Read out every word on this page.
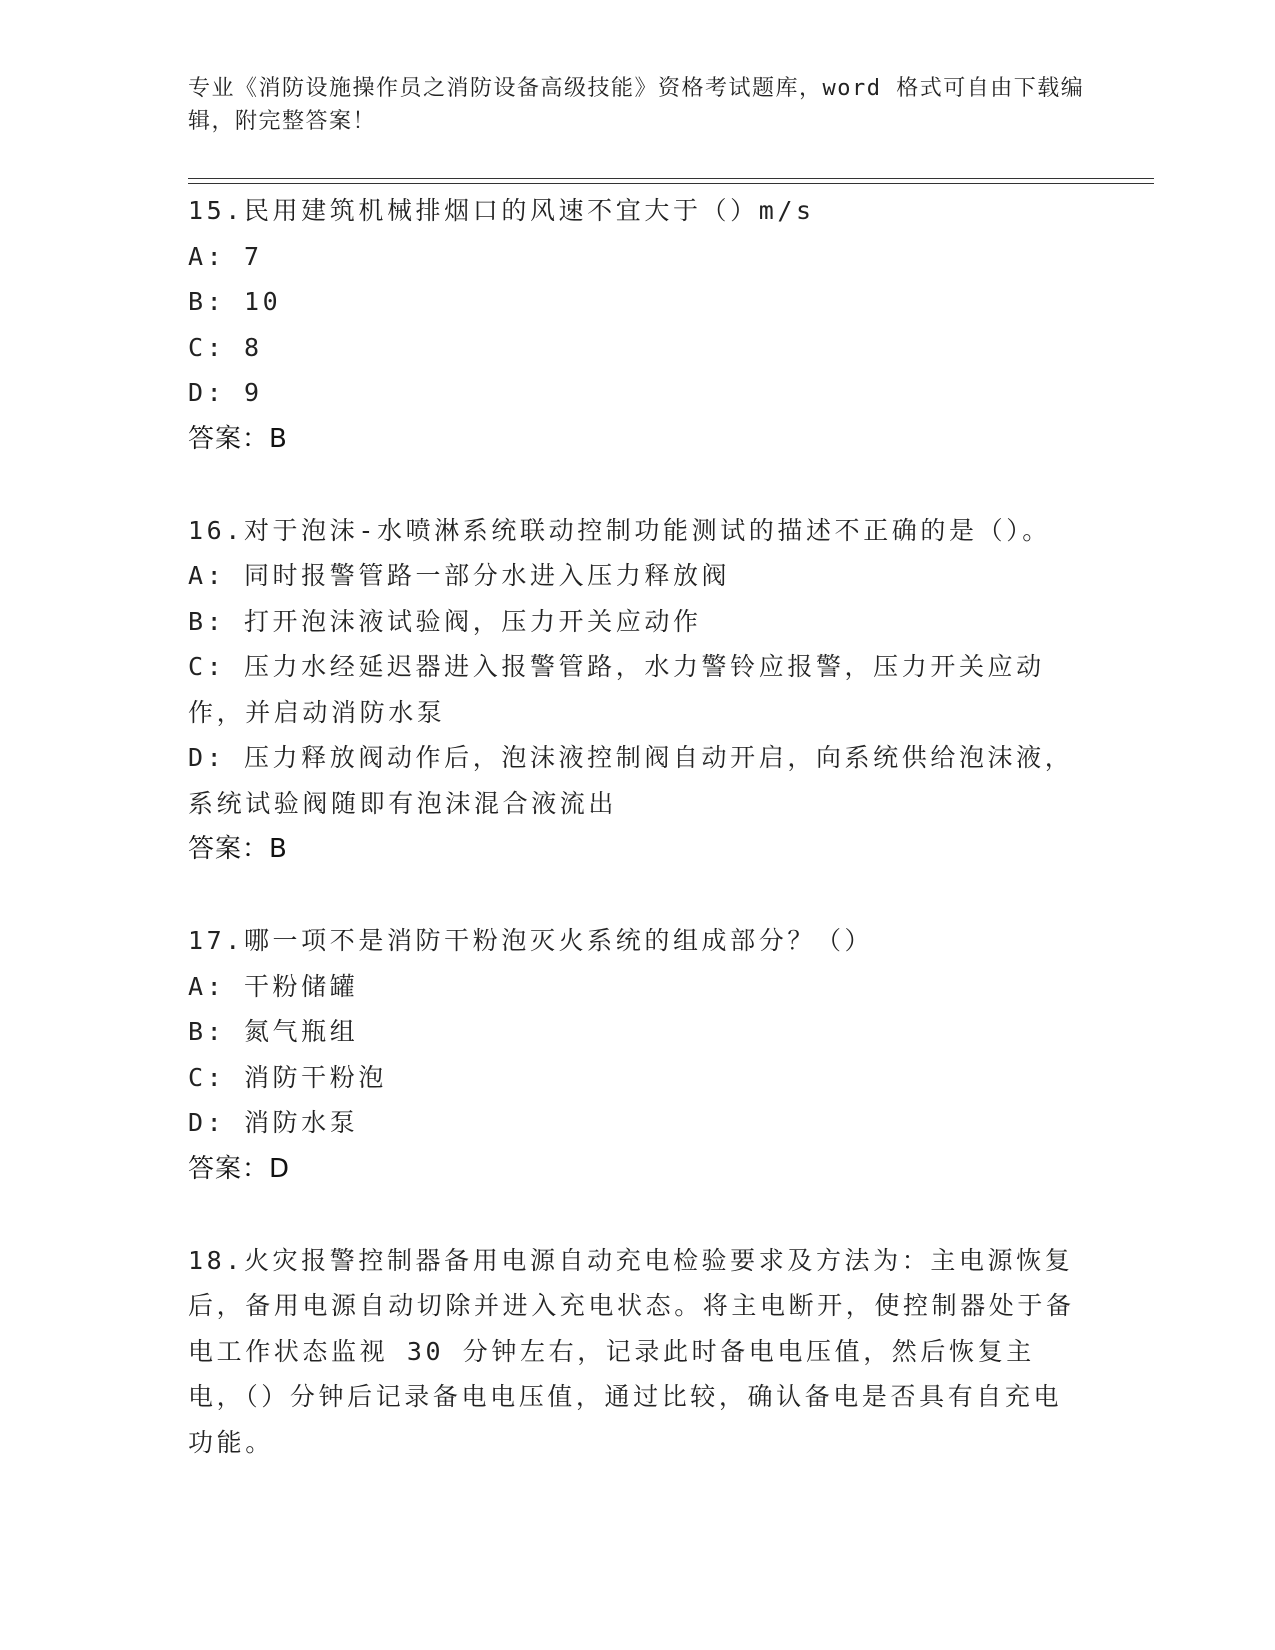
专业《消防设施操作员之消防设备高级技能》资格考试题库，word 格式可自由下载编辑，附完整答案！
15.民用建筑机械排烟口的风速不宜大于（）m/s
A: 7
B: 10
C: 8
D: 9
答案：B
16.对于泡沫-水喷淋系统联动控制功能测试的描述不正确的是（）。
A: 同时报警管路一部分水进入压力释放阀
B: 打开泡沫液试验阀，压力开关应动作
C: 压力水经延迟器进入报警管路，水力警铃应报警，压力开关应动作，并启动消防水泵
D: 压力释放阀动作后，泡沫液控制阀自动开启，向系统供给泡沫液，系统试验阀随即有泡沫混合液流出
答案：B
17.哪一项不是消防干粉泡灭火系统的组成部分？（）
A: 干粉储罐
B: 氮气瓶组
C: 消防干粉泡
D: 消防水泵
答案：D
18.火灾报警控制器备用电源自动充电检验要求及方法为：主电源恢复后，备用电源自动切除并进入充电状态。将主电断开，使控制器处于备电工作状态监视 30 分钟左右，记录此时备电电压值，然后恢复主电，（）分钟后记录备电电压值，通过比较，确认备电是否具有自充电功能。
